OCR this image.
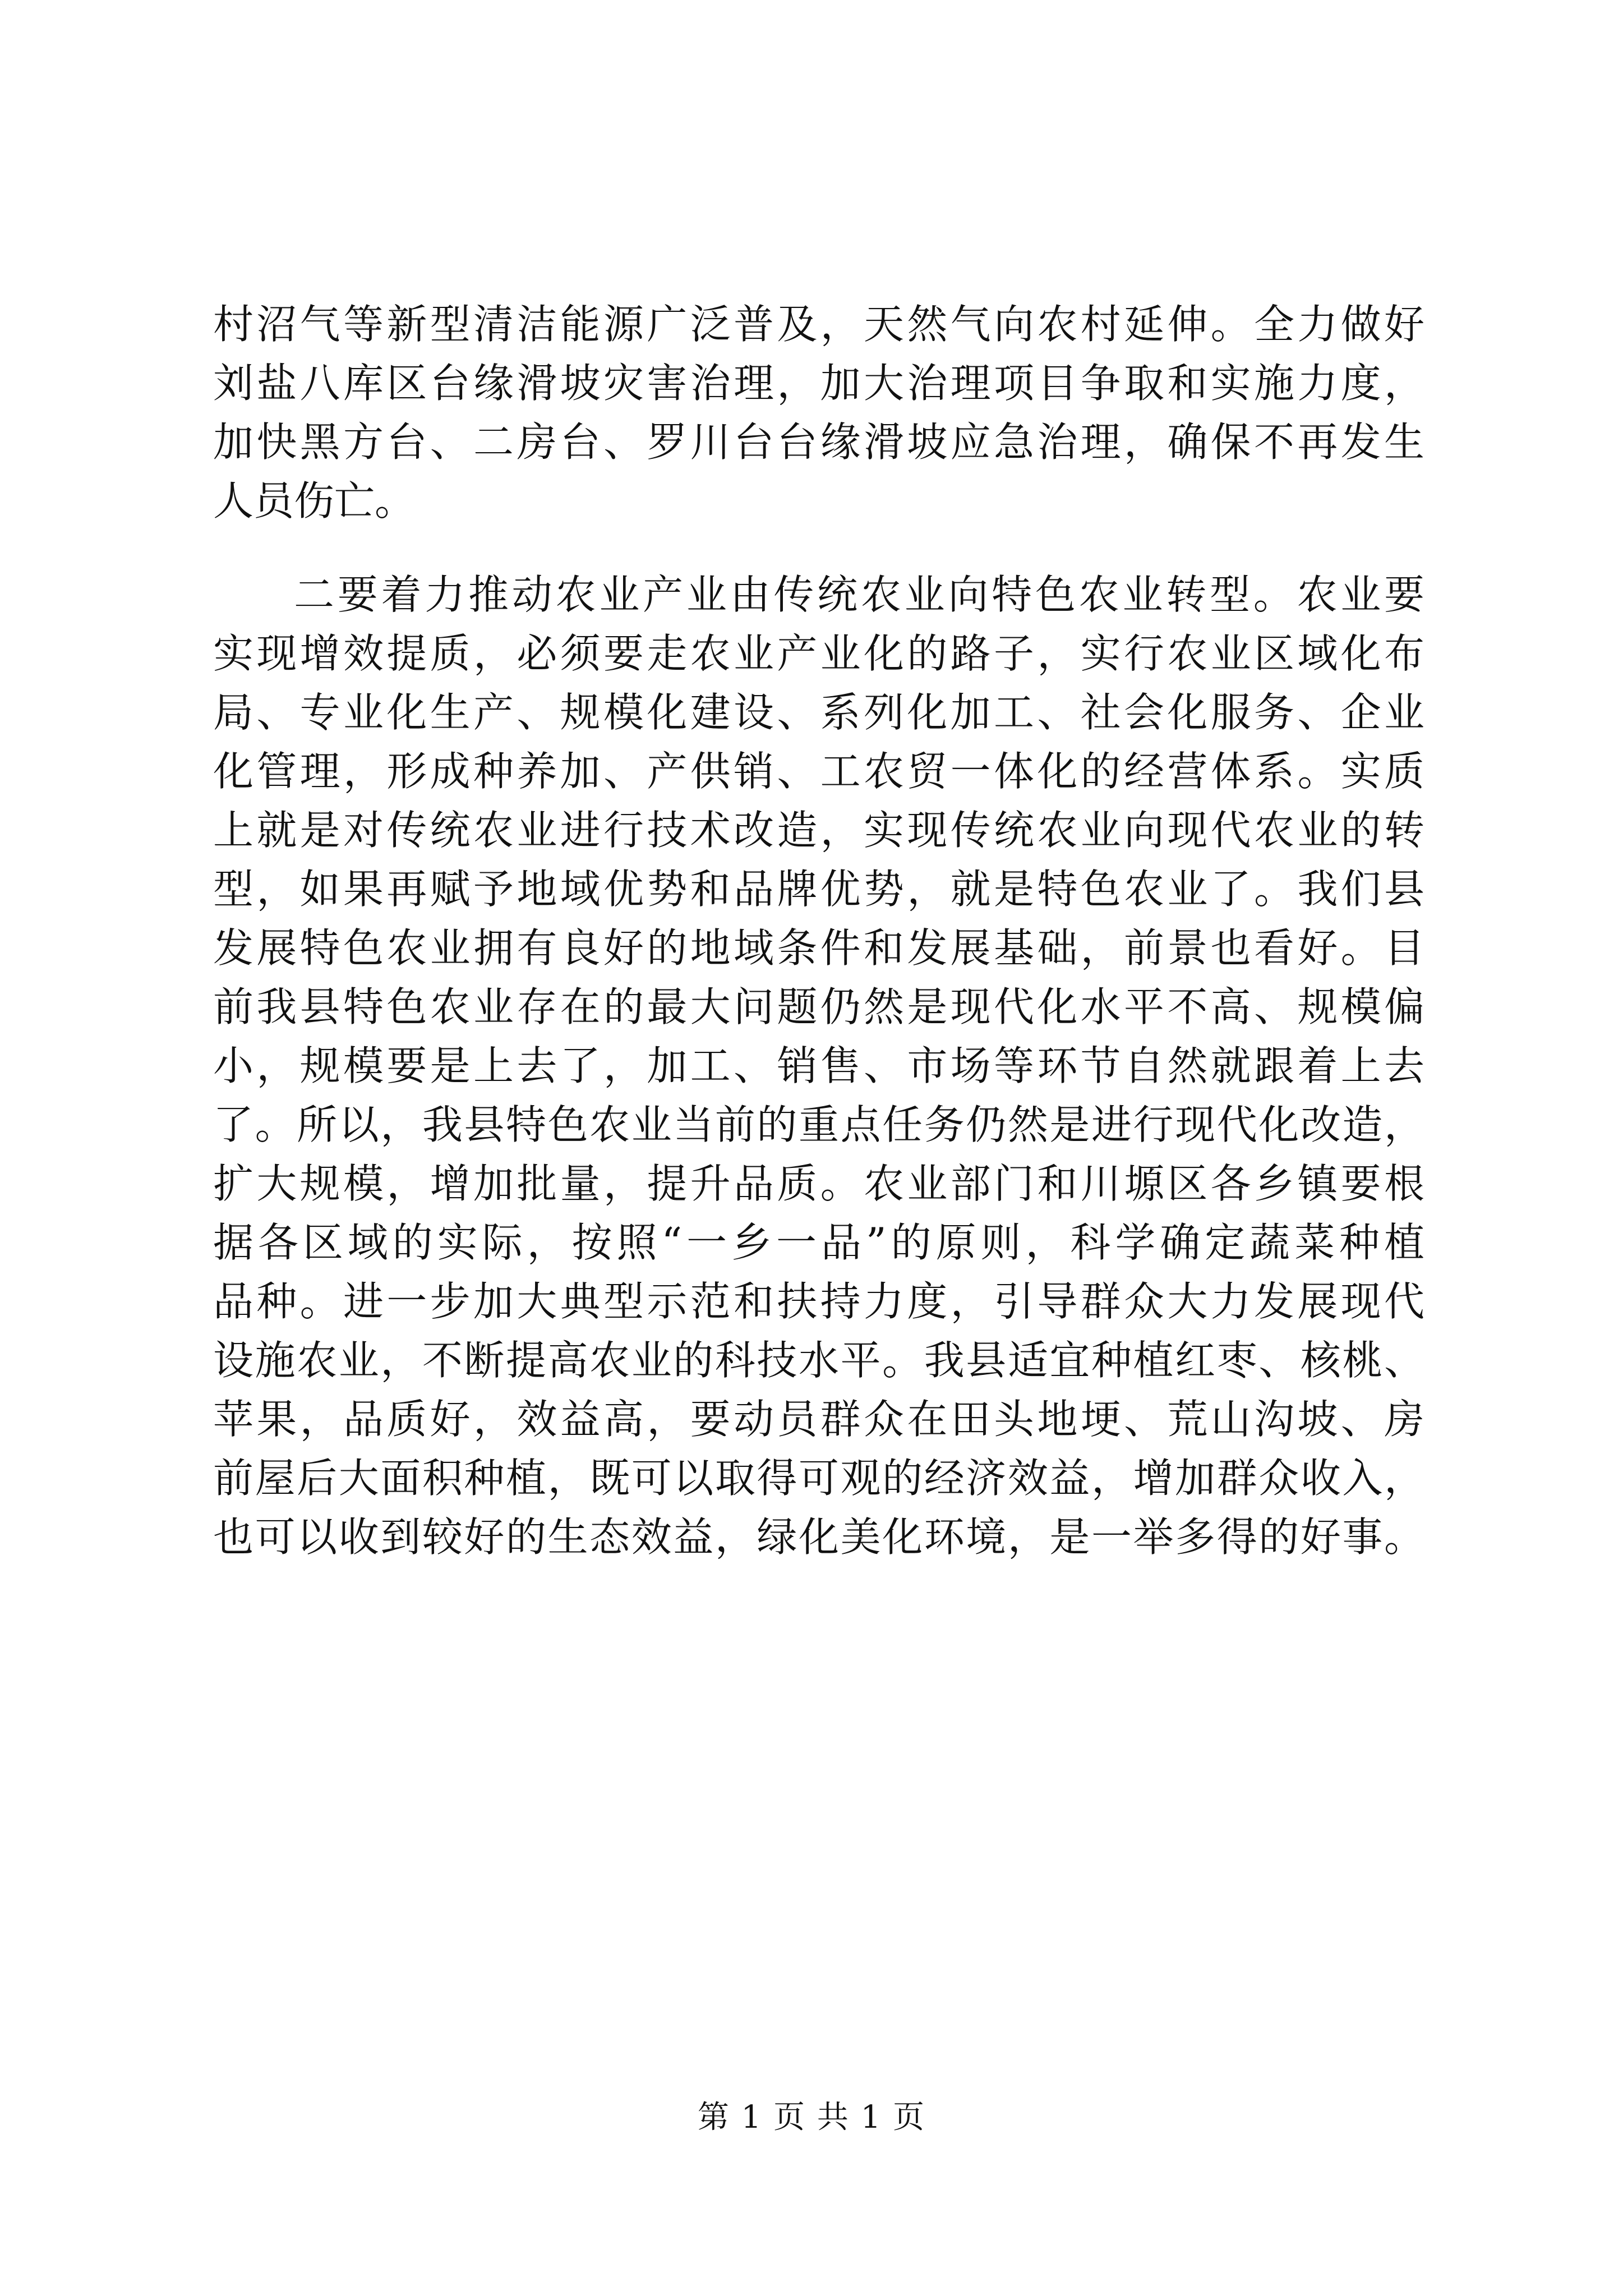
村沼气等新型清洁能源广泛普及，天然气向农村延伸。全力做好
刘盐八库区台缘滑坡灾害治理，加大治理项目争取和实施力度，
加快黑方台、二房台、罗川台台缘滑坡应急治理，确保不再发生
人员伤亡。
二要着力推动农业产业由传统农业向特色农业转型。农业要
实现增效提质，必须要走农业产业化的路子，实行农业区域化布
局、专业化生产、规模化建设、系列化加工、社会化服务、企业
化管理，形成种养加、产供销、工农贸一体化的经营体系。实质
上就是对传统农业进行技术改造，实现传统农业向现代农业的转
型，如果再赋予地域优势和品牌优势，就是特色农业了。我们县
发展特色农业拥有良好的地域条件和发展基础，前景也看好。目
前我县特色农业存在的最大问题仍然是现代化水平不高、规模偏
小，规模要是上去了，加工、销售、市场等环节自然就跟着上去
了。所以，我县特色农业当前的重点任务仍然是进行现代化改造，
扩大规模，增加批量，提升品质。农业部门和川塬区各乡镇要根
据各区域的实际，按照“一乡一品”的原则，科学确定蔬菜种植
品种。进一步加大典型示范和扶持力度，引导群众大力发展现代
设施农业，不断提高农业的科技水平。我县适宜种植红枣、核桃、
苹果，品质好，效益高，要动员群众在田头地埂、荒山沟坡、房
前屋后大面积种植，既可以取得可观的经济效益，增加群众收入，
也可以收到较好的生态效益，绿化美化环境，是一举多得的好事。
第 1 页 共 1 页
